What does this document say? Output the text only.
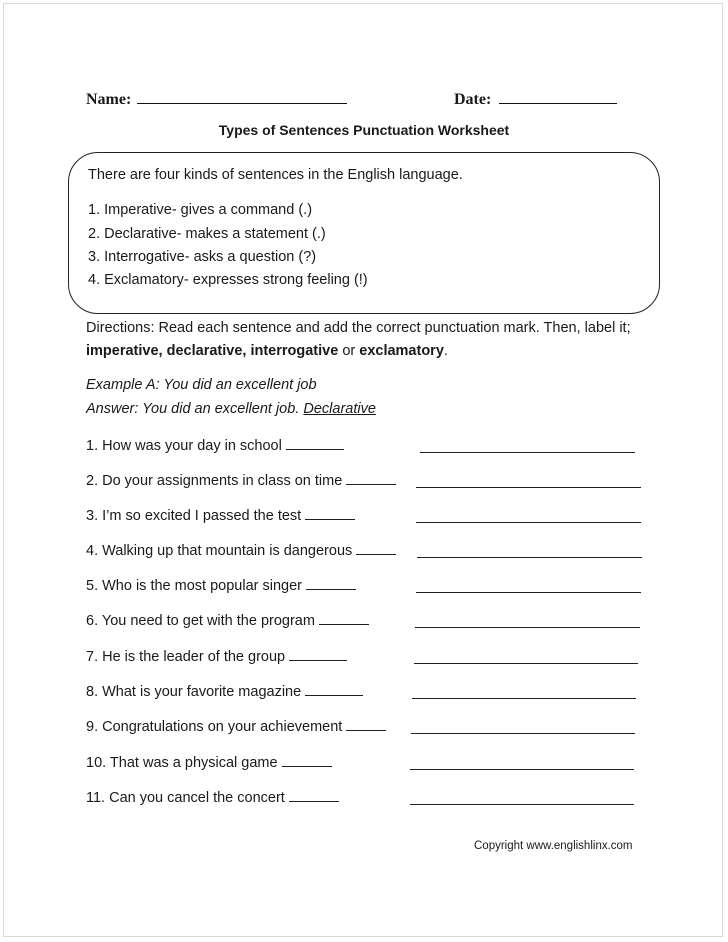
Name:	Date:
Types of Sentences Punctuation Worksheet
There are four kinds of sentences in the English language.
1. Imperative- gives a command (.)
2. Declarative- makes a statement (.)
3. Interrogative- asks a question (?)
4. Exclamatory- expresses strong feeling (!)
Directions: Read each sentence and add the correct punctuation mark. Then, label it; imperative, declarative, interrogative or exclamatory.
Example A: You did an excellent job
Answer: You did an excellent job. Declarative
1. How was your day in school
2. Do your assignments in class on time
3. I’m so excited I passed the test
4. Walking up that mountain is dangerous
5. Who is the most popular singer
6. You need to get with the program
7. He is the leader of the group
8. What is your favorite magazine
9. Congratulations on your achievement
10. That was a physical game
11. Can you cancel the concert
Copyright www.englishlinx.com
